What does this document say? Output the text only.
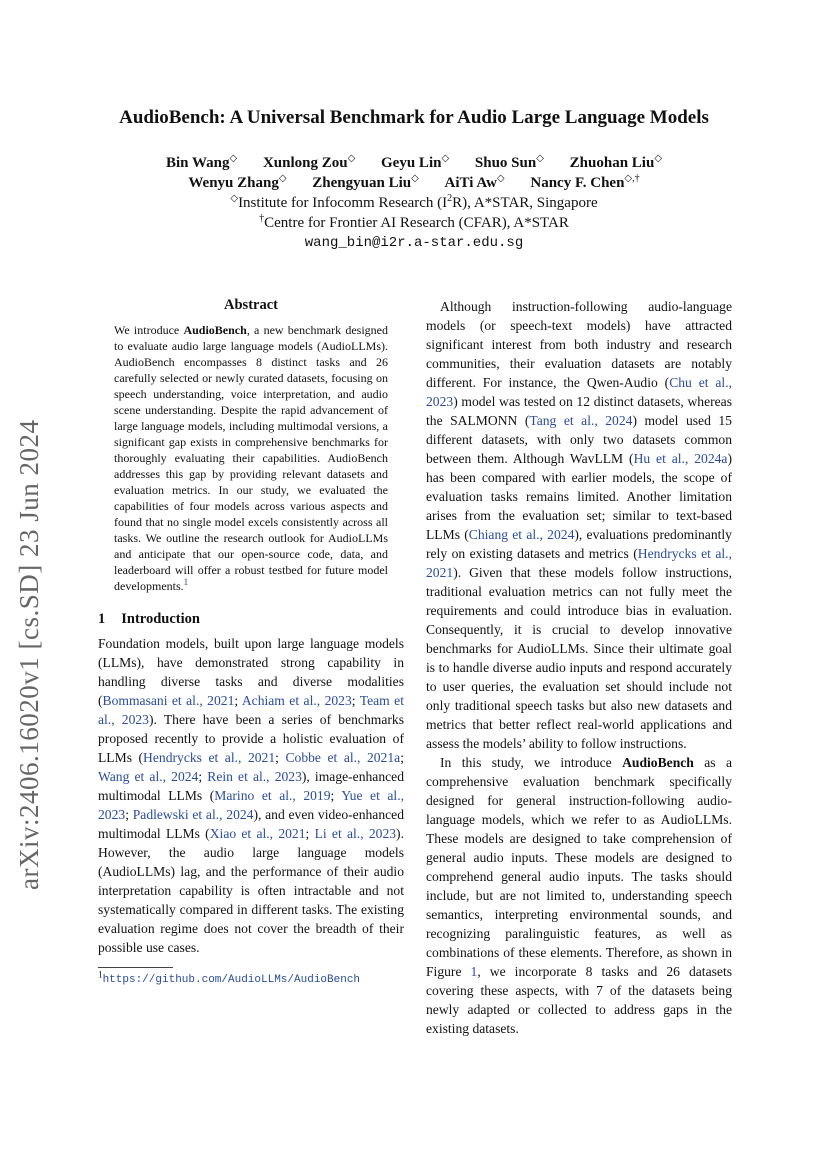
arXiv:2406.16020v1 [cs.SD] 23 Jun 2024
AudioBench: A Universal Benchmark for Audio Large Language Models
Bin Wang◇ Xunlong Zou◇ Geyu Lin◇ Shuo Sun◇ Zhuohan Liu◇
Wenyu Zhang◇ Zhengyuan Liu◇ AiTi Aw◇ Nancy F. Chen◇,†
◇Institute for Infocomm Research $(I^2R)$, A*STAR, Singapore
†Centre for Frontier AI Research (CFAR), A*STAR
wang_bin@i2r.a-star.edu.sg
Abstract
We introduce AudioBench, a new benchmark designed to evaluate audio large language models (AudioLLMs). AudioBench encompasses 8 distinct tasks and 26 carefully selected or newly curated datasets, focusing on speech understanding, voice interpretation, and audio scene understanding. Despite the rapid advancement of large language models, including multimodal versions, a significant gap exists in comprehensive benchmarks for thoroughly evaluating their capabilities. AudioBench addresses this gap by providing relevant datasets and evaluation metrics. In our study, we evaluated the capabilities of four models across various aspects and found that no single model excels consistently across all tasks. We outline the research outlook for AudioLLMs and anticipate that our open-source code, data, and leaderboard will offer a robust testbed for future model developments.$^1$
1 Introduction

Foundation models, built upon large language models (LLMs), have demonstrated strong capability in handling diverse tasks and diverse modalities (Bommasani et al., 2021; Achiam et al., 2023; Team et al., 2023). There have been a series of benchmarks proposed recently to provide a holistic evaluation of LLMs (Hendrycks et al., 2021; Cobbe et al., 2021a; Wang et al., 2024; Rein et al., 2023), image-enhanced multimodal LLMs (Marino et al., 2019; Yue et al., 2023; Padlewski et al., 2024), and even video-enhanced multimodal LLMs (Xiao et al., 2021; Li et al., 2023). However, the audio large language models (AudioLLMs) lag, and the performance of their audio interpretation capability is often intractable and not systematically compared in different tasks. The existing evaluation regime does not cover the breadth of their possible use cases.

$^1$https://github.com/AudioLLMs/AudioBench

Although instruction-following audio-language models (or speech-text models) have attracted significant interest from both industry and research communities, their evaluation datasets are notably different. For instance, the Qwen-Audio (Chu et al., 2023) model was tested on 12 distinct datasets, whereas the SALMONN (Tang et al., 2024) model used 15 different datasets, with only two datasets common between them. Although WavLLM (Hu et al., 2024a) has been compared with earlier models, the scope of evaluation tasks remains limited. Another limitation arises from the evaluation set; similar to text-based LLMs (Chiang et al., 2024), evaluations predominantly rely on existing datasets and metrics (Hendrycks et al., 2021). Given that these models follow instructions, traditional evaluation metrics can not fully meet the requirements and could introduce bias in evaluation. Consequently, it is crucial to develop innovative benchmarks for AudioLLMs. Since their ultimate goal is to handle diverse audio inputs and respond accurately to user queries, the evaluation set should include not only traditional speech tasks but also new datasets and metrics that better reflect real-world applications and assess the models’ ability to follow instructions.

In this study, we introduce AudioBench as a comprehensive evaluation benchmark specifically designed for general instruction-following audio-language models, which we refer to as AudioLLMs. These models are designed to take comprehension of general audio inputs. These models are designed to comprehend general audio inputs. The tasks should include, but are not limited to, understanding speech semantics, interpreting environmental sounds, and recognizing paralinguistic features, as well as combinations of these elements. Therefore, as shown in Figure 1, we incorporate 8 tasks and 26 datasets covering these aspects, with 7 of the datasets being newly adapted or collected to address gaps in the existing datasets.
